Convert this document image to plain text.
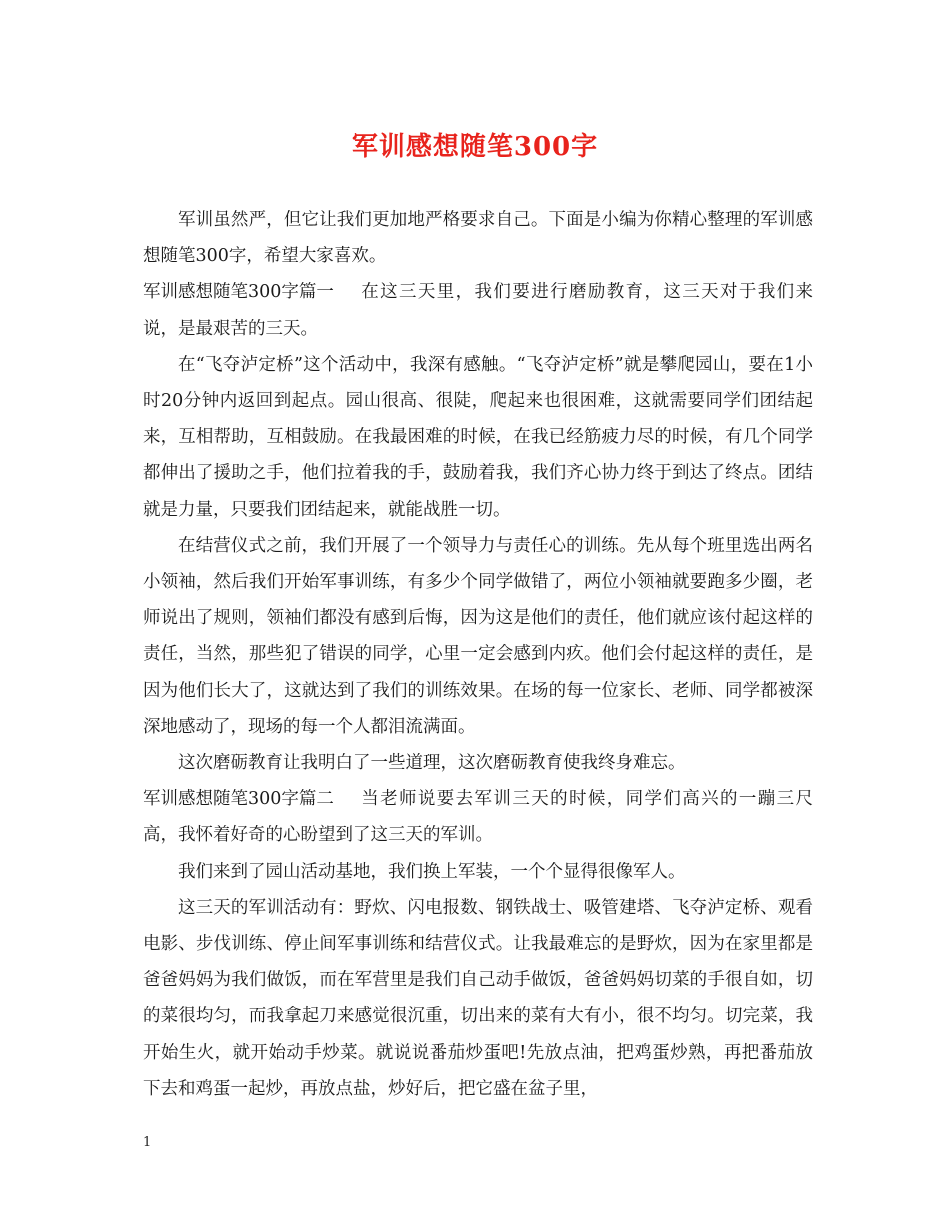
军训感想随笔300字

军训虽然严，但它让我们更加地严格要求自己。下面是小编为你精心整理的军训感想随笔300字，希望大家喜欢。

军训感想随笔300字篇一 在这三天里，我们要进行磨励教育，这三天对于我们来说，是最艰苦的三天。

在“飞夺泸定桥”这个活动中，我深有感触。“飞夺泸定桥”就是攀爬园山，要在1小时20分钟内返回到起点。园山很高、很陡，爬起来也很困难，这就需要同学们团结起来，互相帮助，互相鼓励。在我最困难的时候，在我已经筋疲力尽的时候，有几个同学都伸出了援助之手，他们拉着我的手，鼓励着我，我们齐心协力终于到达了终点。团结就是力量，只要我们团结起来，就能战胜一切。

在结营仪式之前，我们开展了一个领导力与责任心的训练。先从每个班里选出两名小领袖，然后我们开始军事训练，有多少个同学做错了，两位小领袖就要跑多少圈，老师说出了规则，领袖们都没有感到后悔，因为这是他们的责任，他们就应该付起这样的责任，当然，那些犯了错误的同学，心里一定会感到内疚。他们会付起这样的责任，是因为他们长大了，这就达到了我们的训练效果。在场的每一位家长、老师、同学都被深深地感动了，现场的每一个人都泪流满面。

这次磨砺教育让我明白了一些道理，这次磨砺教育使我终身难忘。

军训感想随笔300字篇二 当老师说要去军训三天的时候，同学们高兴的一蹦三尺高，我怀着好奇的心盼望到了这三天的军训。

我们来到了园山活动基地，我们换上军装，一个个显得很像军人。

这三天的军训活动有：野炊、闪电报数、钢铁战士、吸管建塔、飞夺泸定桥、观看电影、步伐训练、停止间军事训练和结营仪式。让我最难忘的是野炊，因为在家里都是爸爸妈妈为我们做饭，而在军营里是我们自己动手做饭，爸爸妈妈切菜的手很自如，切的菜很均匀，而我拿起刀来感觉很沉重，切出来的菜有大有小，很不均匀。切完菜，我开始生火，就开始动手炒菜。就说说番茄炒蛋吧!先放点油，把鸡蛋炒熟，再把番茄放下去和鸡蛋一起炒，再放点盐，炒好后，把它盛在盆子里，

1
